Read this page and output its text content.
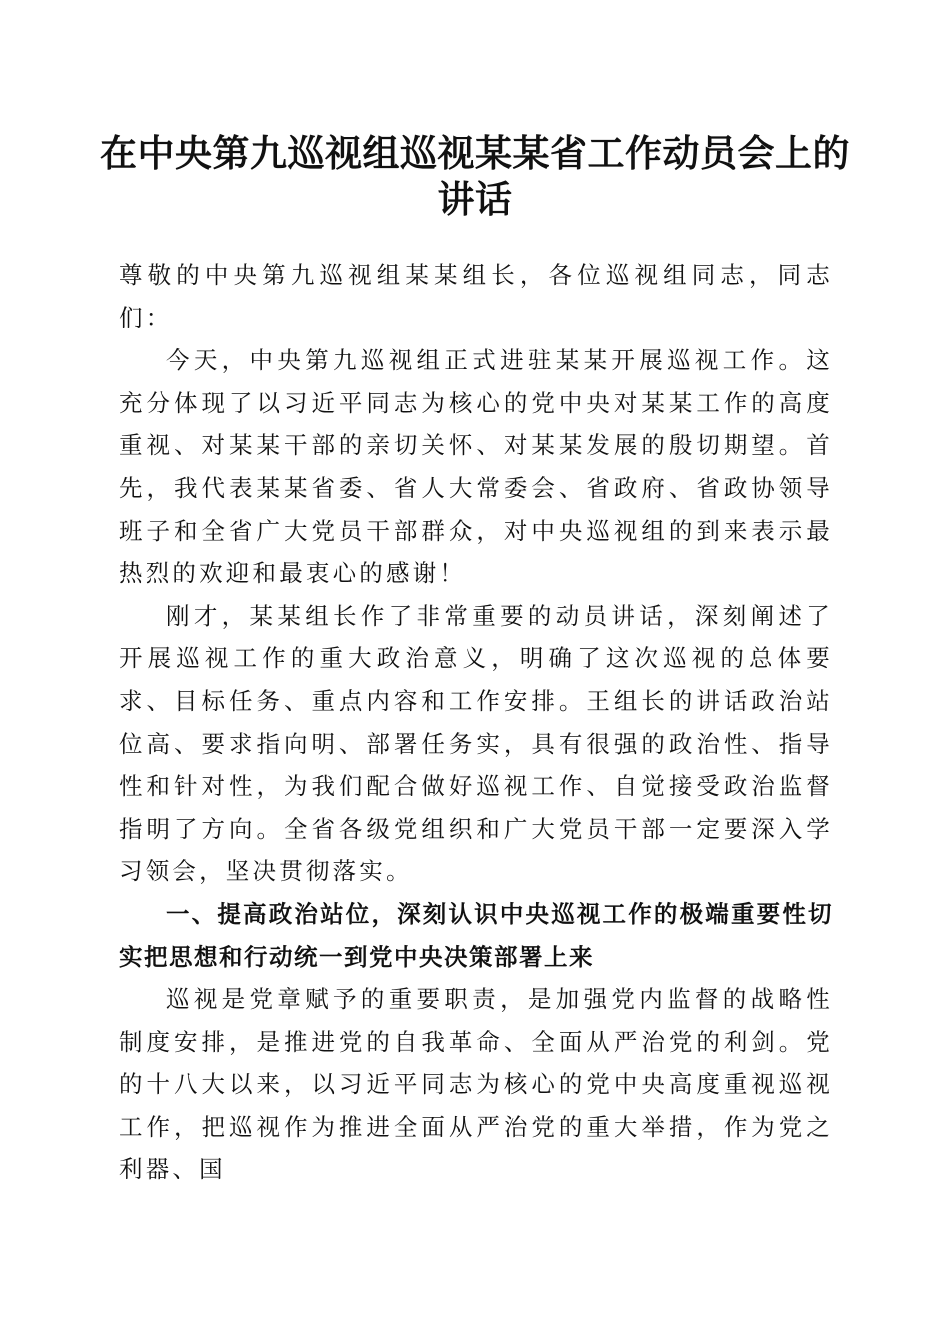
在中央第九巡视组巡视某某省工作动员会上的讲话

尊敬的中央第九巡视组某某组长，各位巡视组同志，同志们：

今天，中央第九巡视组正式进驻某某开展巡视工作。这充分体现了以习近平同志为核心的党中央对某某工作的高度重视、对某某干部的亲切关怀、对某某发展的殷切期望。首先，我代表某某省委、省人大常委会、省政府、省政协领导班子和全省广大党员干部群众，对中央巡视组的到来表示最热烈的欢迎和最衷心的感谢！

刚才，某某组长作了非常重要的动员讲话，深刻阐述了开展巡视工作的重大政治意义，明确了这次巡视的总体要求、目标任务、重点内容和工作安排。王组长的讲话政治站位高、要求指向明、部署任务实，具有很强的政治性、指导性和针对性，为我们配合做好巡视工作、自觉接受政治监督指明了方向。全省各级党组织和广大党员干部一定要深入学习领会，坚决贯彻落实。

一、提高政治站位，深刻认识中央巡视工作的极端重要性切实把思想和行动统一到党中央决策部署上来

巡视是党章赋予的重要职责，是加强党内监督的战略性制度安排，是推进党的自我革命、全面从严治党的利剑。党的十八大以来，以习近平同志为核心的党中央高度重视巡视工作，把巡视作为推进全面从严治党的重大举措，作为党之利器、国
